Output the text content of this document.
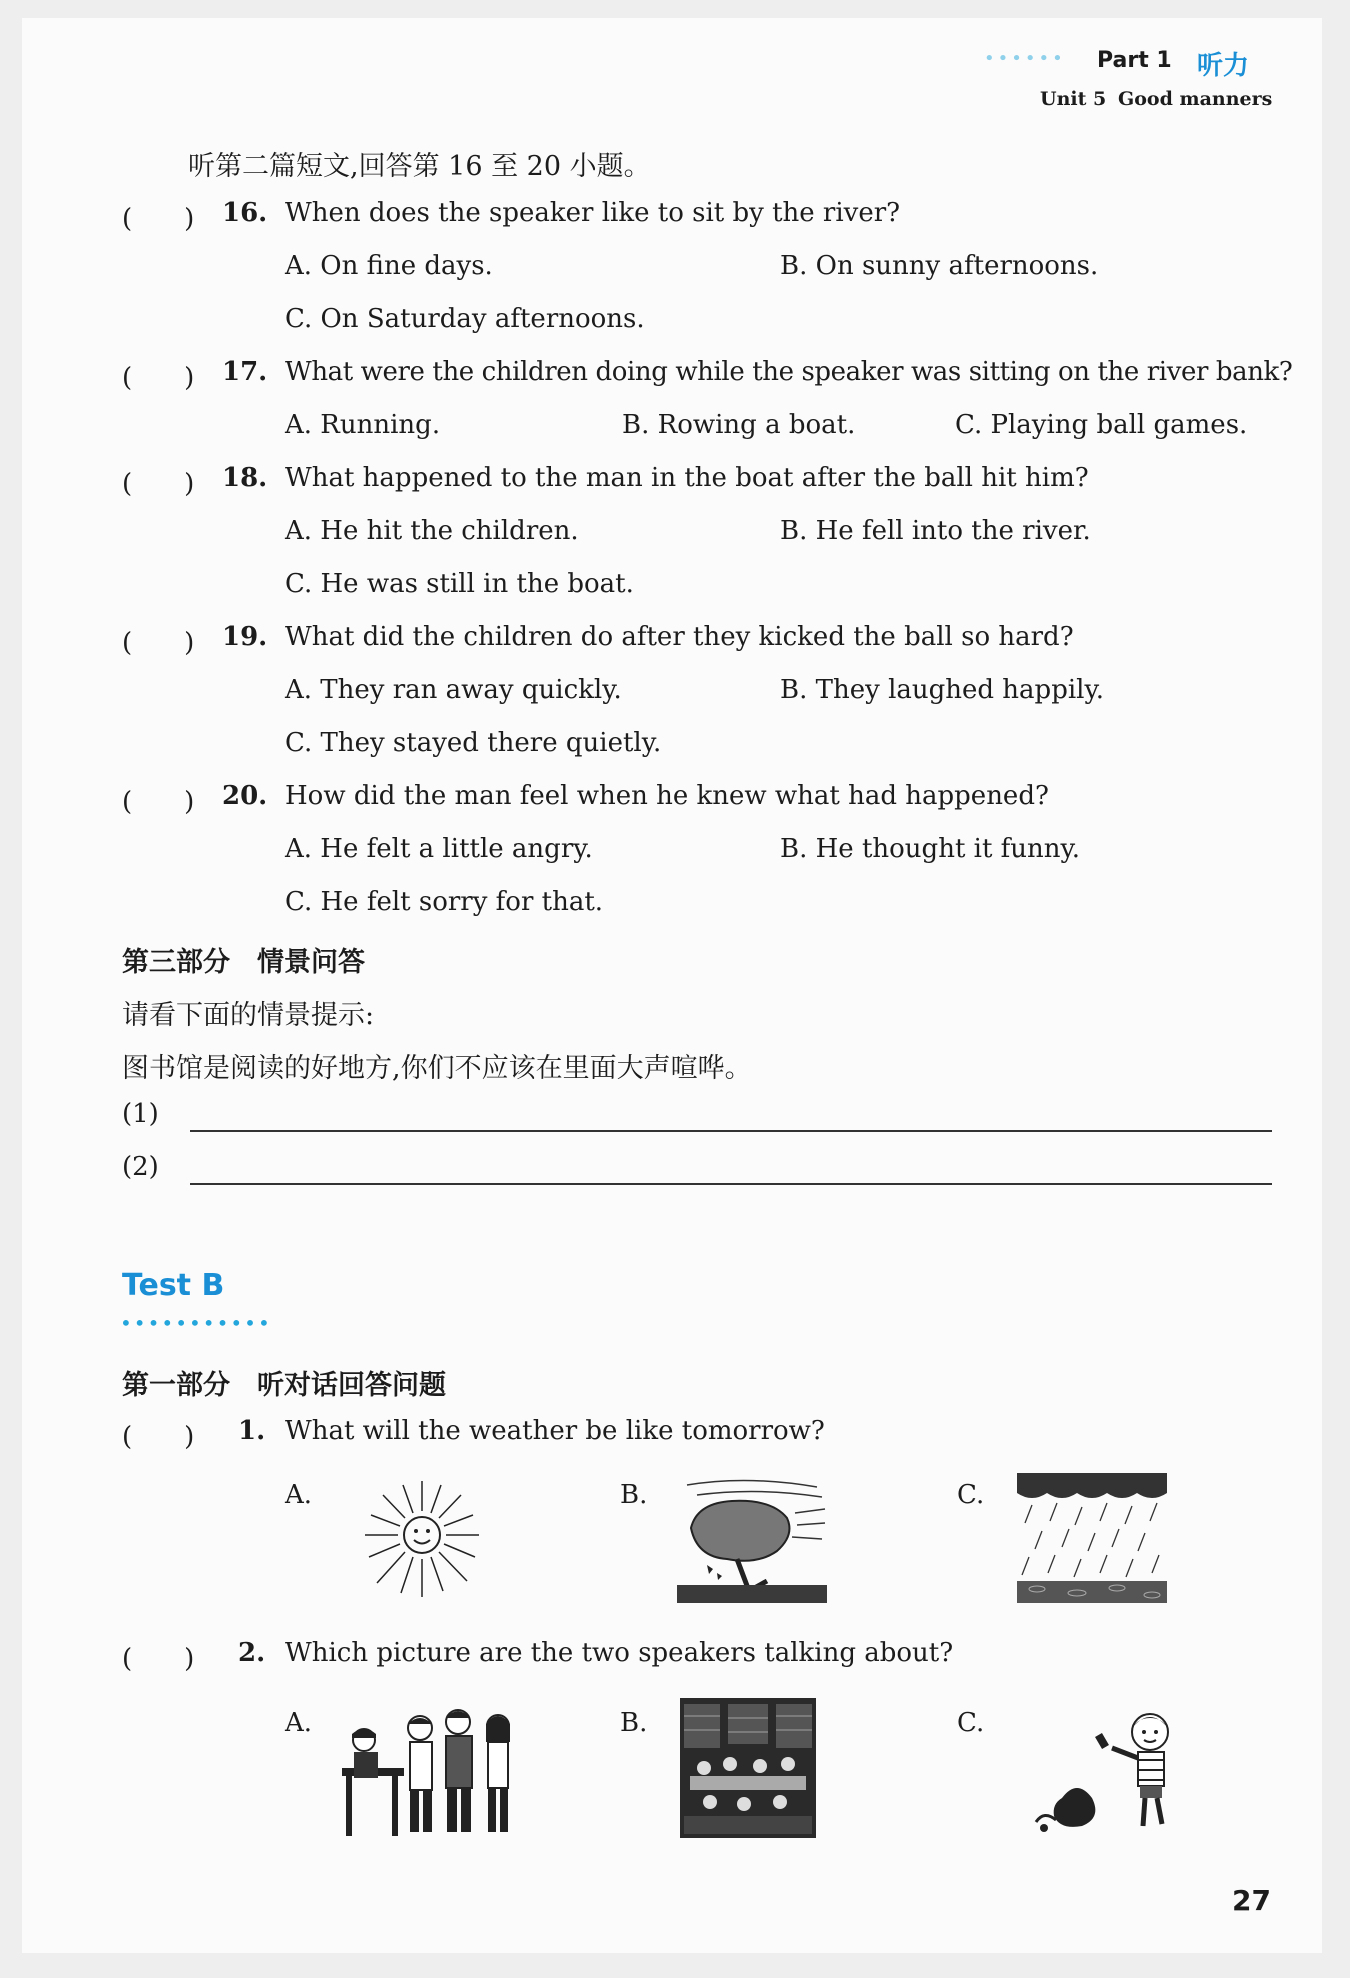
•••••• Part 1 听力
Unit 5 Good manners
听第二篇短文,回答第 16 至 20 小题。
(　　) 16. When does the speaker like to sit by the river?
A. On fine days.	B. On sunny afternoons.
C. On Saturday afternoons.
(　　) 17. What were the children doing while the speaker was sitting on the river bank?
A. Running.	B. Rowing a boat.	C. Playing ball games.
(　　) 18. What happened to the man in the boat after the ball hit him?
A. He hit the children.	B. He fell into the river.
C. He was still in the boat.
(　　) 19. What did the children do after they kicked the ball so hard?
A. They ran away quickly.	B. They laughed happily.
C. They stayed there quietly.
(　　) 20. How did the man feel when he knew what had happened?
A. He felt a little angry.	B. He thought it funny.
C. He felt sorry for that.
第三部分　情景问答
请看下面的情景提示:
图书馆是阅读的好地方,你们不应该在里面大声喧哗。
(1)
(2)
Test B
•••••••••••
第一部分　听对话回答问题
(　　) 1. What will the weather be like tomorrow?
A.	B.	C.
(　　) 2. Which picture are the two speakers talking about?
A.	B.	C.
27
